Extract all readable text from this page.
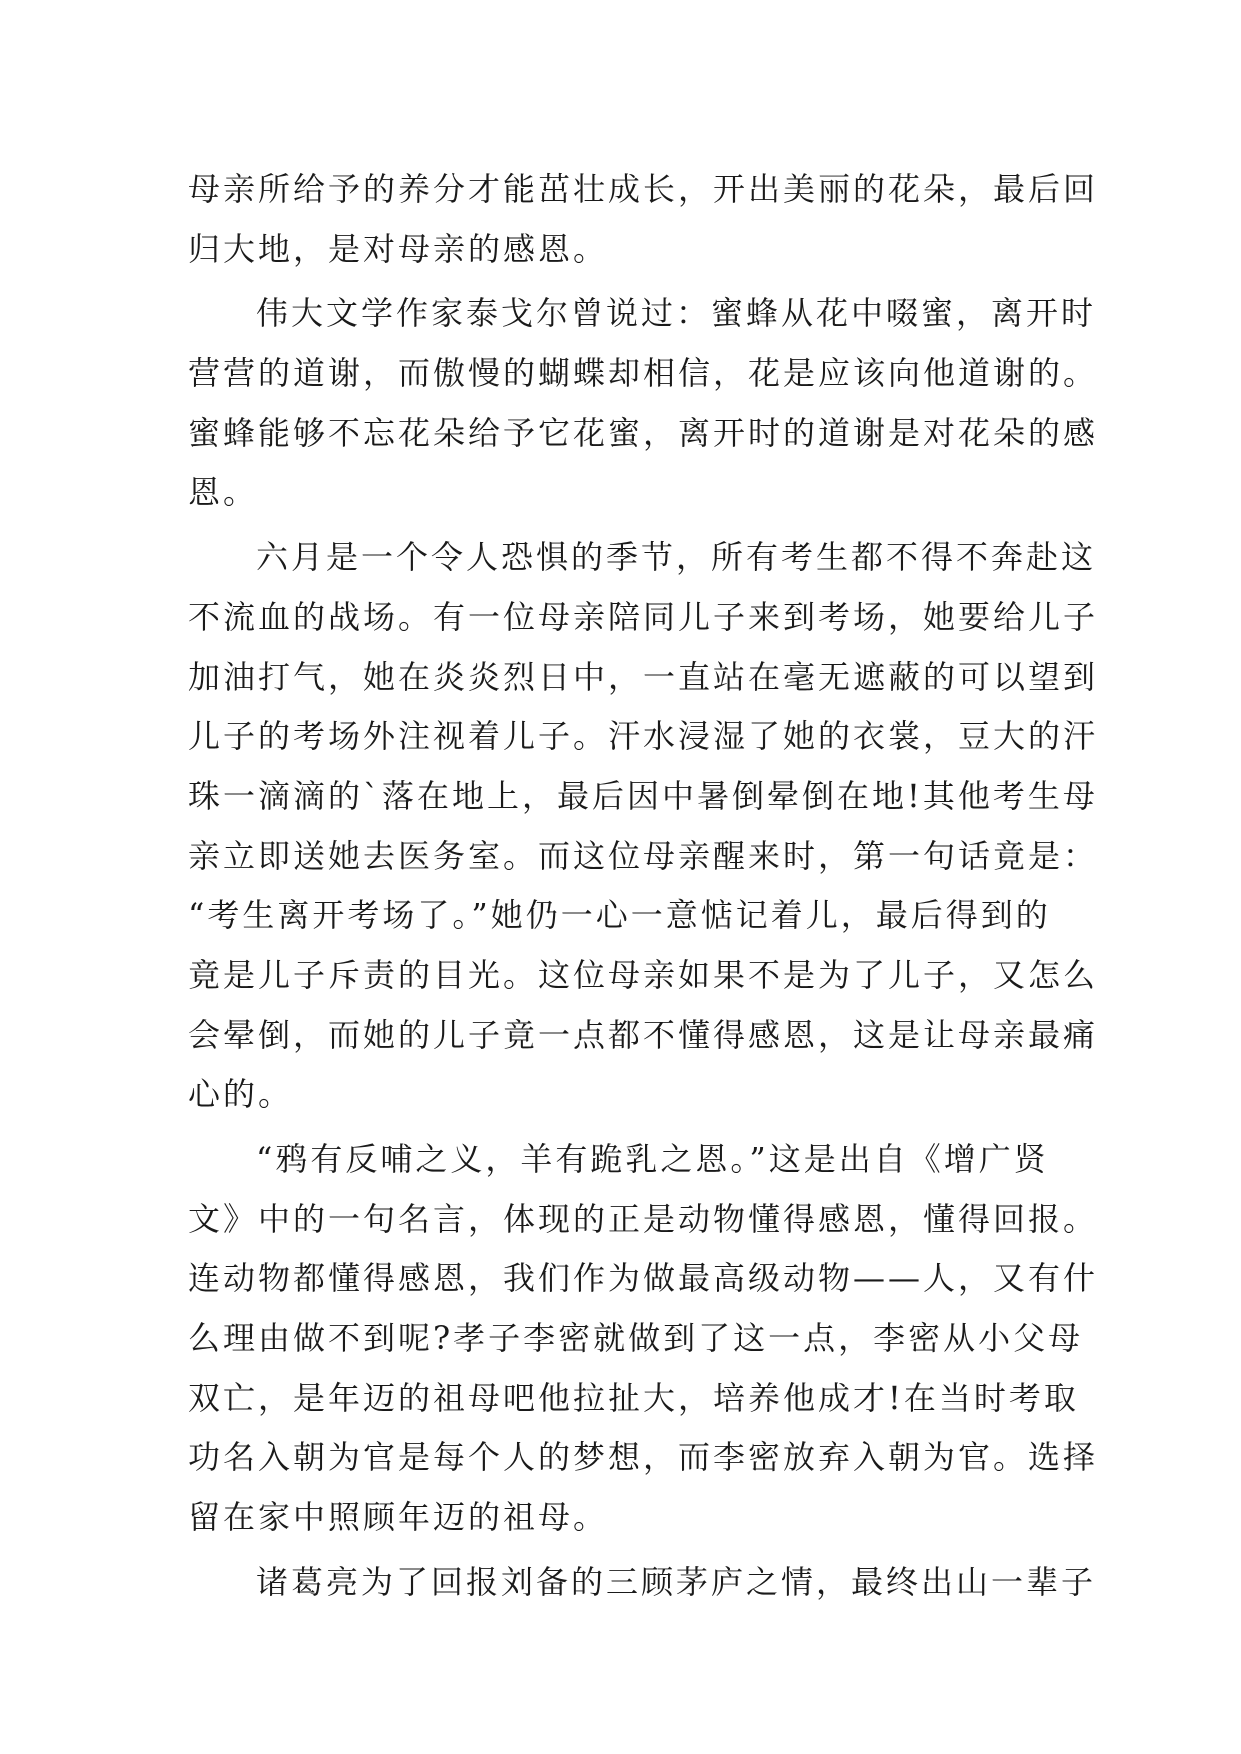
母亲所给予的养分才能茁壮成长，开出美丽的花朵，最后回
归大地，是对母亲的感恩。
伟大文学作家泰戈尔曾说过：蜜蜂从花中啜蜜，离开时
营营的道谢，而傲慢的蝴蝶却相信，花是应该向他道谢的。
蜜蜂能够不忘花朵给予它花蜜，离开时的道谢是对花朵的感
恩。
六月是一个令人恐惧的季节，所有考生都不得不奔赴这
不流血的战场。有一位母亲陪同儿子来到考场，她要给儿子
加油打气，她在炎炎烈日中，一直站在毫无遮蔽的可以望到
儿子的考场外注视着儿子。汗水浸湿了她的衣裳，豆大的汗
珠一滴滴的`落在地上，最后因中暑倒晕倒在地!其他考生母
亲立即送她去医务室。而这位母亲醒来时，第一句话竟是：
“考生离开考场了。”她仍一心一意惦记着儿，最后得到的
竟是儿子斥责的目光。这位母亲如果不是为了儿子，又怎么
会晕倒，而她的儿子竟一点都不懂得感恩，这是让母亲最痛
心的。
“鸦有反哺之义，羊有跪乳之恩。”这是出自《增广贤
文》中的一句名言，体现的正是动物懂得感恩，懂得回报。
连动物都懂得感恩，我们作为做最高级动物——人，又有什
么理由做不到呢?孝子李密就做到了这一点，李密从小父母
双亡，是年迈的祖母吧他拉扯大，培养他成才!在当时考取
功名入朝为官是每个人的梦想，而李密放弃入朝为官。选择
留在家中照顾年迈的祖母。
诸葛亮为了回报刘备的三顾茅庐之情，最终出山一辈子
